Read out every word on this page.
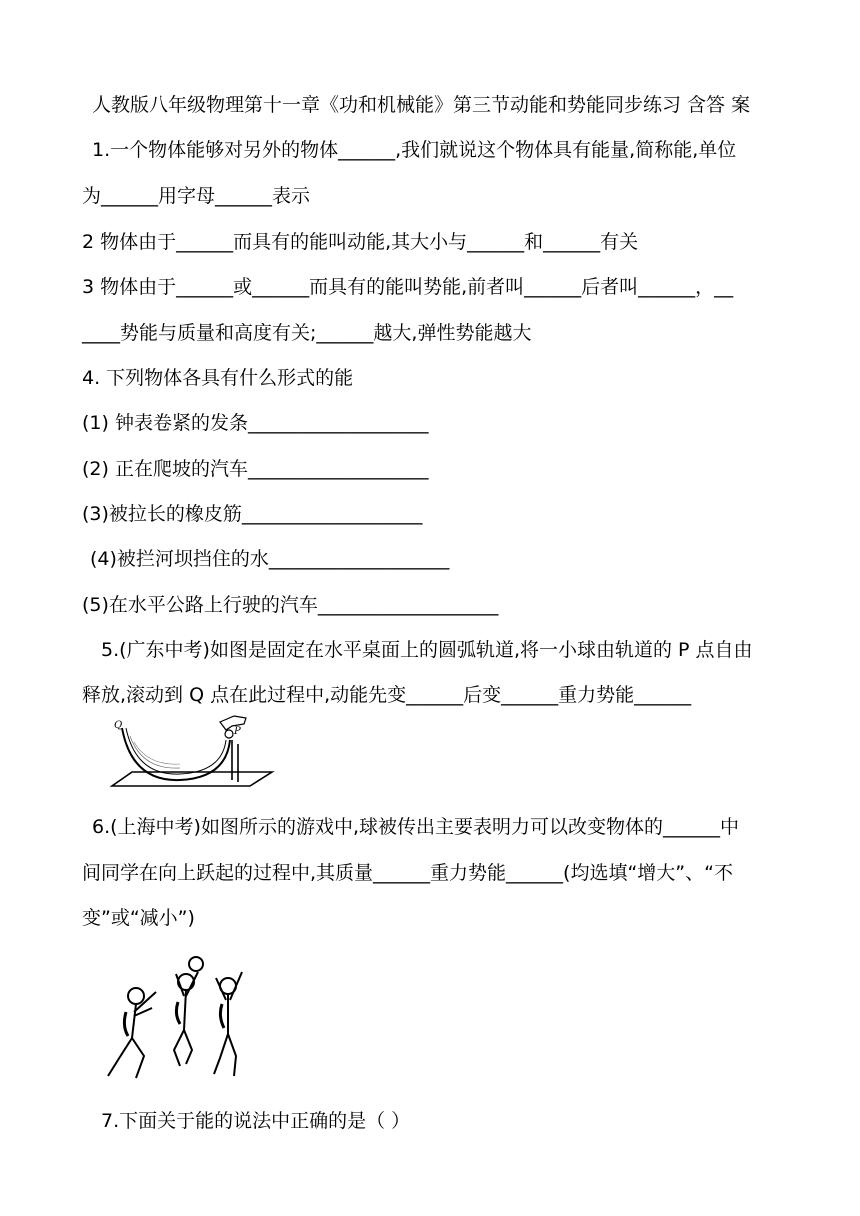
人教版八年级物理第十一章《功和机械能》第三节动能和势能同步练习 含答 案
1.一个物体能够对另外的物体______,我们就说这个物体具有能量,简称能,单位
为______用字母______表示
2 物体由于______而具有的能叫动能,其大小与______和______有关
3 物体由于______或______而具有的能叫势能,前者叫______后者叫______，__
____势能与质量和高度有关;______越大,弹性势能越大
4. 下列物体各具有什么形式的能
(1) 钟表卷紧的发条___________________
(2) 正在爬坡的汽车___________________
(3)被拉长的橡皮筋___________________
(4)被拦河坝挡住的水___________________
(5)在水平公路上行驶的汽车___________________
5.(广东中考)如图是固定在水平桌面上的圆弧轨道,将一小球由轨道的 P 点自由
释放,滚动到 Q 点在此过程中,动能先变______后变______重力势能______
Q
P
6.(上海中考)如图所示的游戏中,球被传出主要表明力可以改变物体的______中
间同学在向上跃起的过程中,其质量______重力势能______(均选填“增大”、“不
变”或“减小”)
7.下面关于能的说法中正确的是（ ）
